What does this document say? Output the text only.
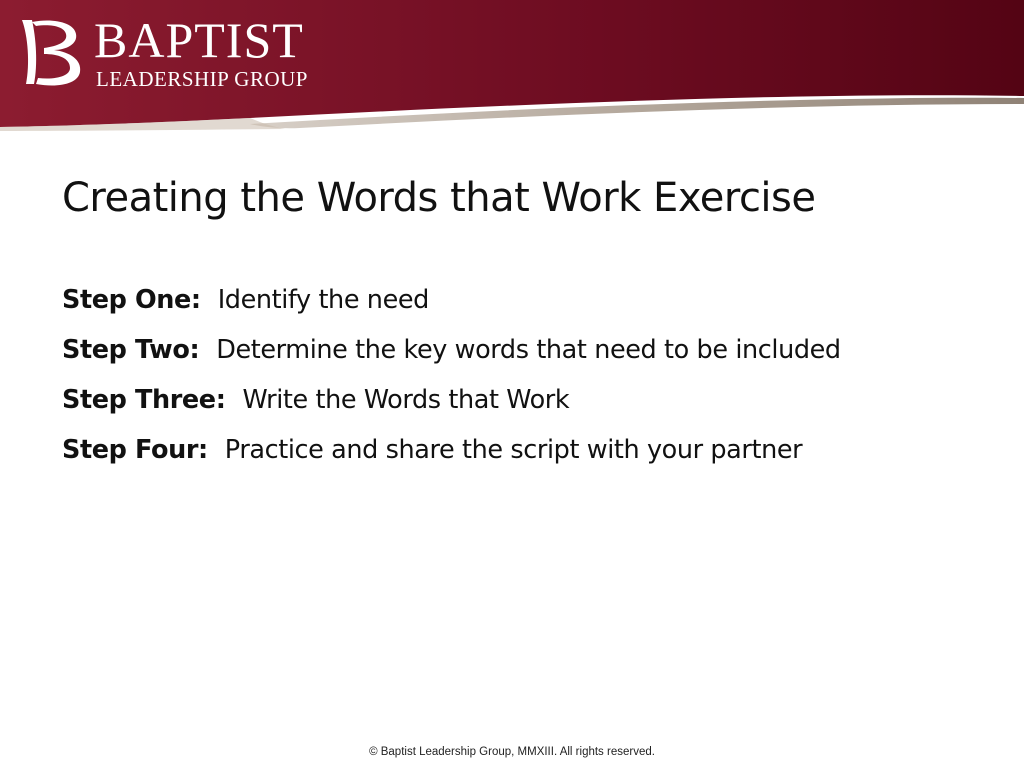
BAPTIST
LEADERSHIP GROUP
Creating the Words that Work Exercise
Step One: Identify the need
Step Two: Determine the key words that need to be included
Step Three: Write the Words that Work
Step Four: Practice and share the script with your partner
© Baptist Leadership Group, MMXIII. All rights reserved.
